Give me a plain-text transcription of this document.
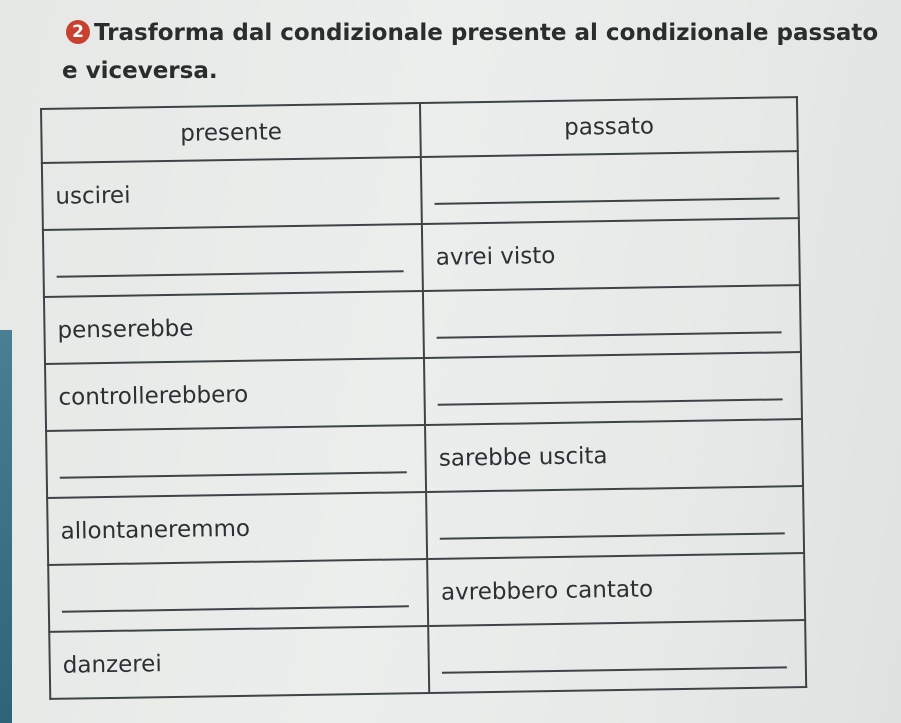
2 Trasforma dal condizionale presente al condizionale passato

e viceversa.

presente	passato
uscirei	

	avrei visto
penserebbe	

controllerebbero	

	sarebbe uscita
allontaneremmo	

	avrebbero cantato
danzerei	
